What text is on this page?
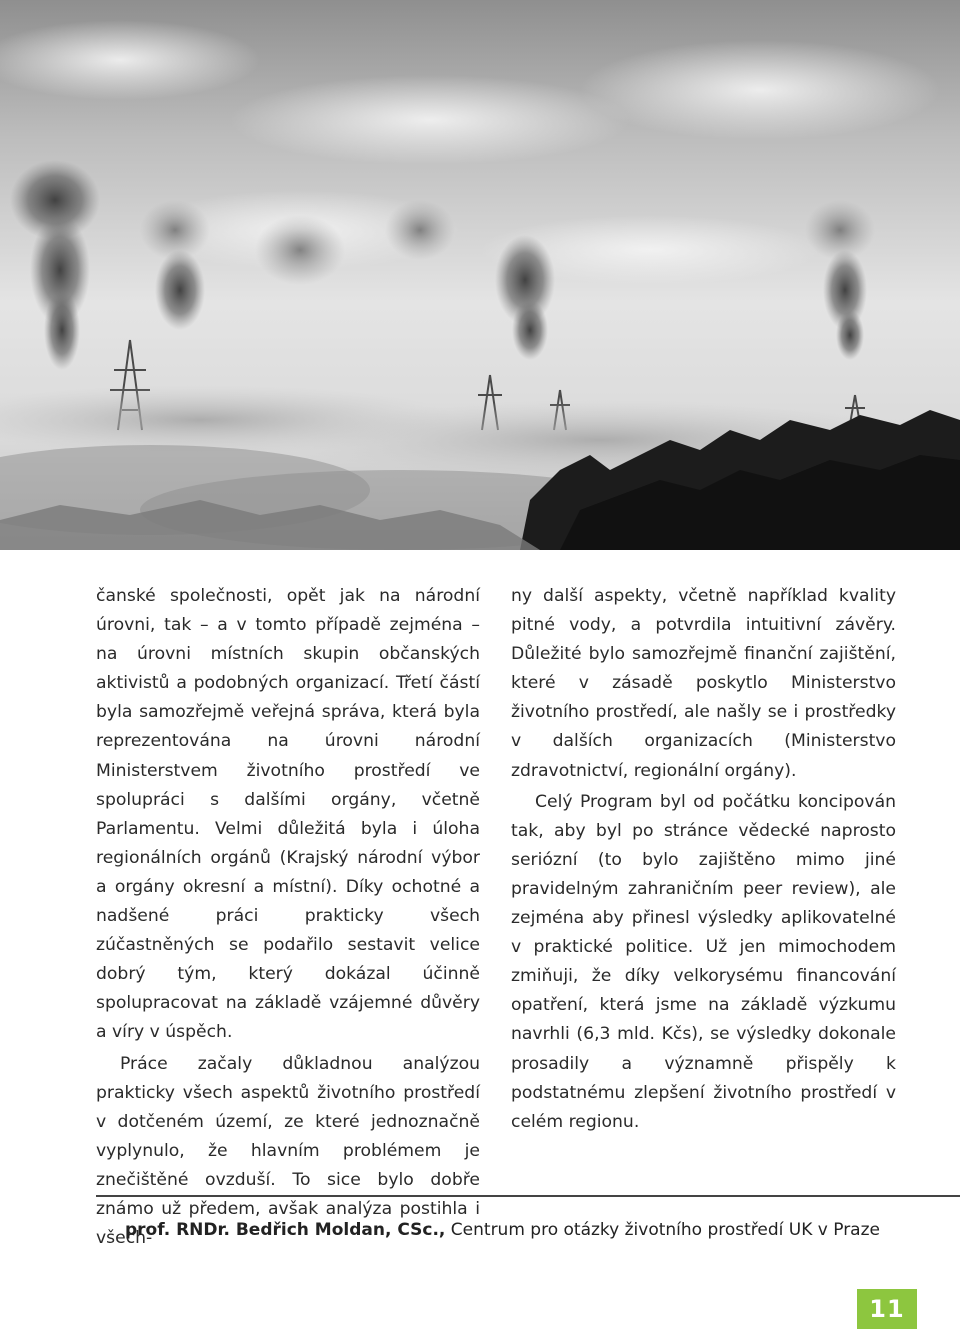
čanské společnosti, opět jak na národní úrovni, tak – a v tomto případě zejména – na úrovni místních skupin občanských aktivistů a podobných organizací. Třetí částí byla samozřejmě veřejná správa, která byla reprezentována na úrovni národní Ministerstvem životního prostředí ve spolupráci s dalšími orgány, včetně Parlamentu. Velmi důležitá byla i úloha regionálních orgánů (Krajský národní výbor a orgány okresní a místní). Díky ochotné a nadšené práci prakticky všech zúčastněných se podařilo sestavit velice dobrý tým, který dokázal účinně spolupracovat na základě vzájemné důvěry a víry v úspěch.

Práce začaly důkladnou analýzou prakticky všech aspektů životního prostředí v dotčeném území, ze které jednoznačně vyplynulo, že hlavním problémem je znečištěné ovzduší. To sice bylo dobře známo už předem, avšak analýza postihla i všech-

ny další aspekty, včetně například kvality pitné vody, a potvrdila intuitivní závěry. Důležité bylo samozřejmě finanční zajištění, které v zásadě poskytlo Ministerstvo životního prostředí, ale našly se i prostředky v dalších organizacích (Ministerstvo zdravotnictví, regionální orgány).

Celý Program byl od počátku koncipován tak, aby byl po stránce vědecké naprosto seriózní (to bylo zajištěno mimo jiné pravidelným zahraničním peer review), ale zejména aby přinesl výsledky aplikovatelné v praktické politice. Už jen mimochodem zmiňuji, že díky velkorysému financování opatření, která jsme na základě výzkumu navrhli (6,3 mld. Kčs), se výsledky dokonale prosadily a významně přispěly k podstatnému zlepšení životního prostředí v celém regionu.

prof. RNDr. Bedřich Moldan, CSc., Centrum pro otázky životního prostředí UK v Praze
11
